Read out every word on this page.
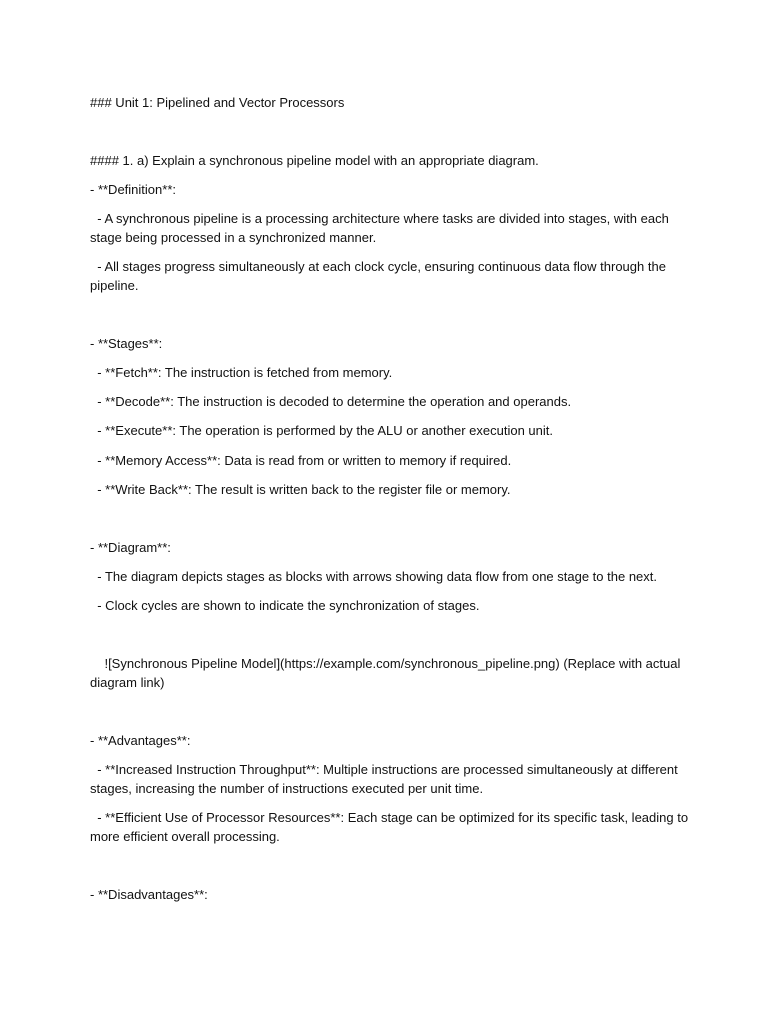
### Unit 1: Pipelined and Vector Processors

#### 1. a) Explain a synchronous pipeline model with an appropriate diagram.

- **Definition**:

- A synchronous pipeline is a processing architecture where tasks are divided into stages, with each stage being processed in a synchronized manner.

- All stages progress simultaneously at each clock cycle, ensuring continuous data flow through the pipeline.

- **Stages**:

- **Fetch**: The instruction is fetched from memory.

- **Decode**: The instruction is decoded to determine the operation and operands.

- **Execute**: The operation is performed by the ALU or another execution unit.

- **Memory Access**: Data is read from or written to memory if required.

- **Write Back**: The result is written back to the register file or memory.

- **Diagram**:

- The diagram depicts stages as blocks with arrows showing data flow from one stage to the next.

- Clock cycles are shown to indicate the synchronization of stages.

![Synchronous Pipeline Model](https://example.com/synchronous_pipeline.png) (Replace with actual diagram link)

- **Advantages**:

- **Increased Instruction Throughput**: Multiple instructions are processed simultaneously at different stages, increasing the number of instructions executed per unit time.

- **Efficient Use of Processor Resources**: Each stage can be optimized for its specific task, leading to more efficient overall processing.

- **Disadvantages**:
